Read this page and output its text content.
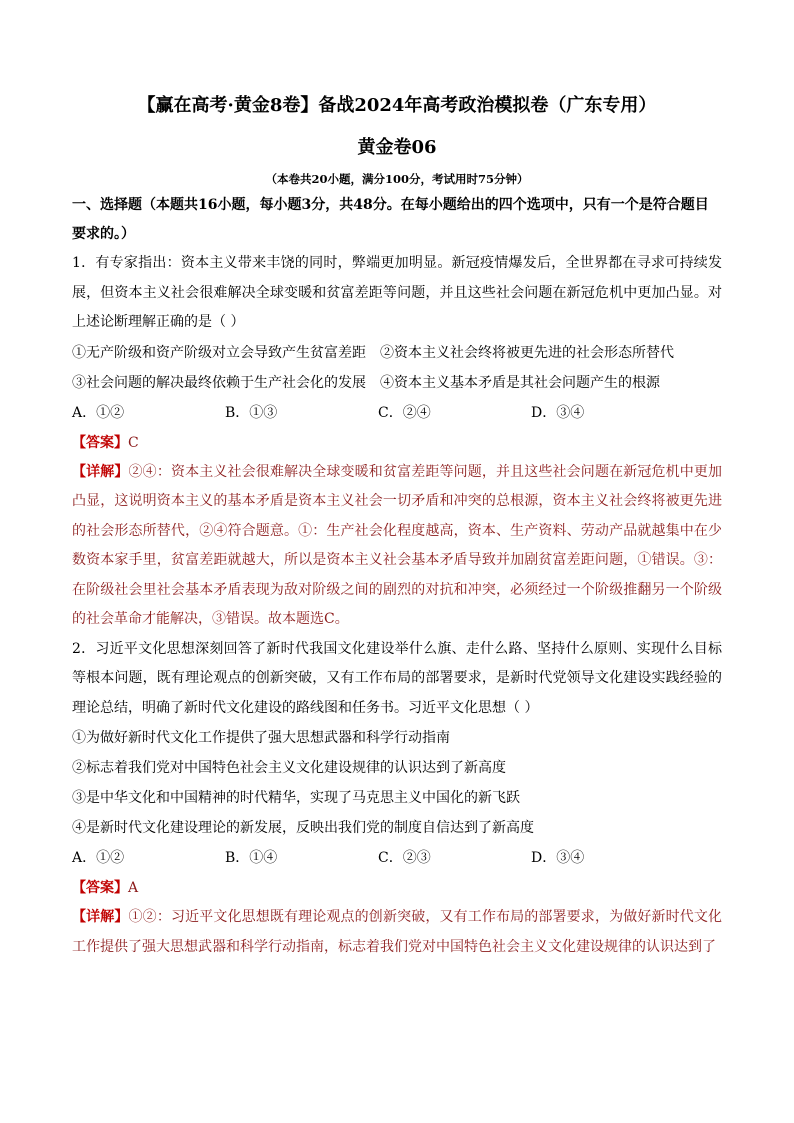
【赢在高考·黄金8卷】备战2024年高考政治模拟卷（广东专用）
黄金卷06
（本卷共20小题，满分100分，考试用时75分钟）
一、选择题（本题共16小题，每小题3分，共48分。在每小题给出的四个选项中，只有一个是符合题目要求的。）
1．有专家指出：资本主义带来丰饶的同时，弊端更加明显。新冠疫情爆发后，全世界都在寻求可持续发展，但资本主义社会很难解决全球变暖和贫富差距等问题，并且这些社会问题在新冠危机中更加凸显。对上述论断理解正确的是（ ）
①无产阶级和资产阶级对立会导致产生贫富差距 ②资本主义社会终将被更先进的社会形态所替代
③社会问题的解决最终依赖于生产社会化的发展 ④资本主义基本矛盾是其社会问题产生的根源
A．①②	B．①③	C．②④	D．③④
【答案】C
【详解】②④：资本主义社会很难解决全球变暖和贫富差距等问题，并且这些社会问题在新冠危机中更加凸显，这说明资本主义的基本矛盾是资本主义社会一切矛盾和冲突的总根源，资本主义社会终将被更先进的社会形态所替代，②④符合题意。①：生产社会化程度越高，资本、生产资料、劳动产品就越集中在少数资本家手里，贫富差距就越大，所以是资本主义社会基本矛盾导致并加剧贫富差距问题，①错误。③：在阶级社会里社会基本矛盾表现为敌对阶级之间的剧烈的对抗和冲突，必须经过一个阶级推翻另一个阶级的社会革命才能解决，③错误。故本题选C。
2．习近平文化思想深刻回答了新时代我国文化建设举什么旗、走什么路、坚持什么原则、实现什么目标等根本问题，既有理论观点的创新突破，又有工作布局的部署要求，是新时代党领导文化建设实践经验的理论总结，明确了新时代文化建设的路线图和任务书。习近平文化思想（ ）
①为做好新时代文化工作提供了强大思想武器和科学行动指南
②标志着我们党对中国特色社会主义文化建设规律的认识达到了新高度
③是中华文化和中国精神的时代精华，实现了马克思主义中国化的新飞跃
④是新时代文化建设理论的新发展，反映出我们党的制度自信达到了新高度
A．①②	B．①④	C．②③	D．③④
【答案】A
【详解】①②：习近平文化思想既有理论观点的创新突破，又有工作布局的部署要求，为做好新时代文化工作提供了强大思想武器和科学行动指南，标志着我们党对中国特色社会主义文化建设规律的认识达到了
